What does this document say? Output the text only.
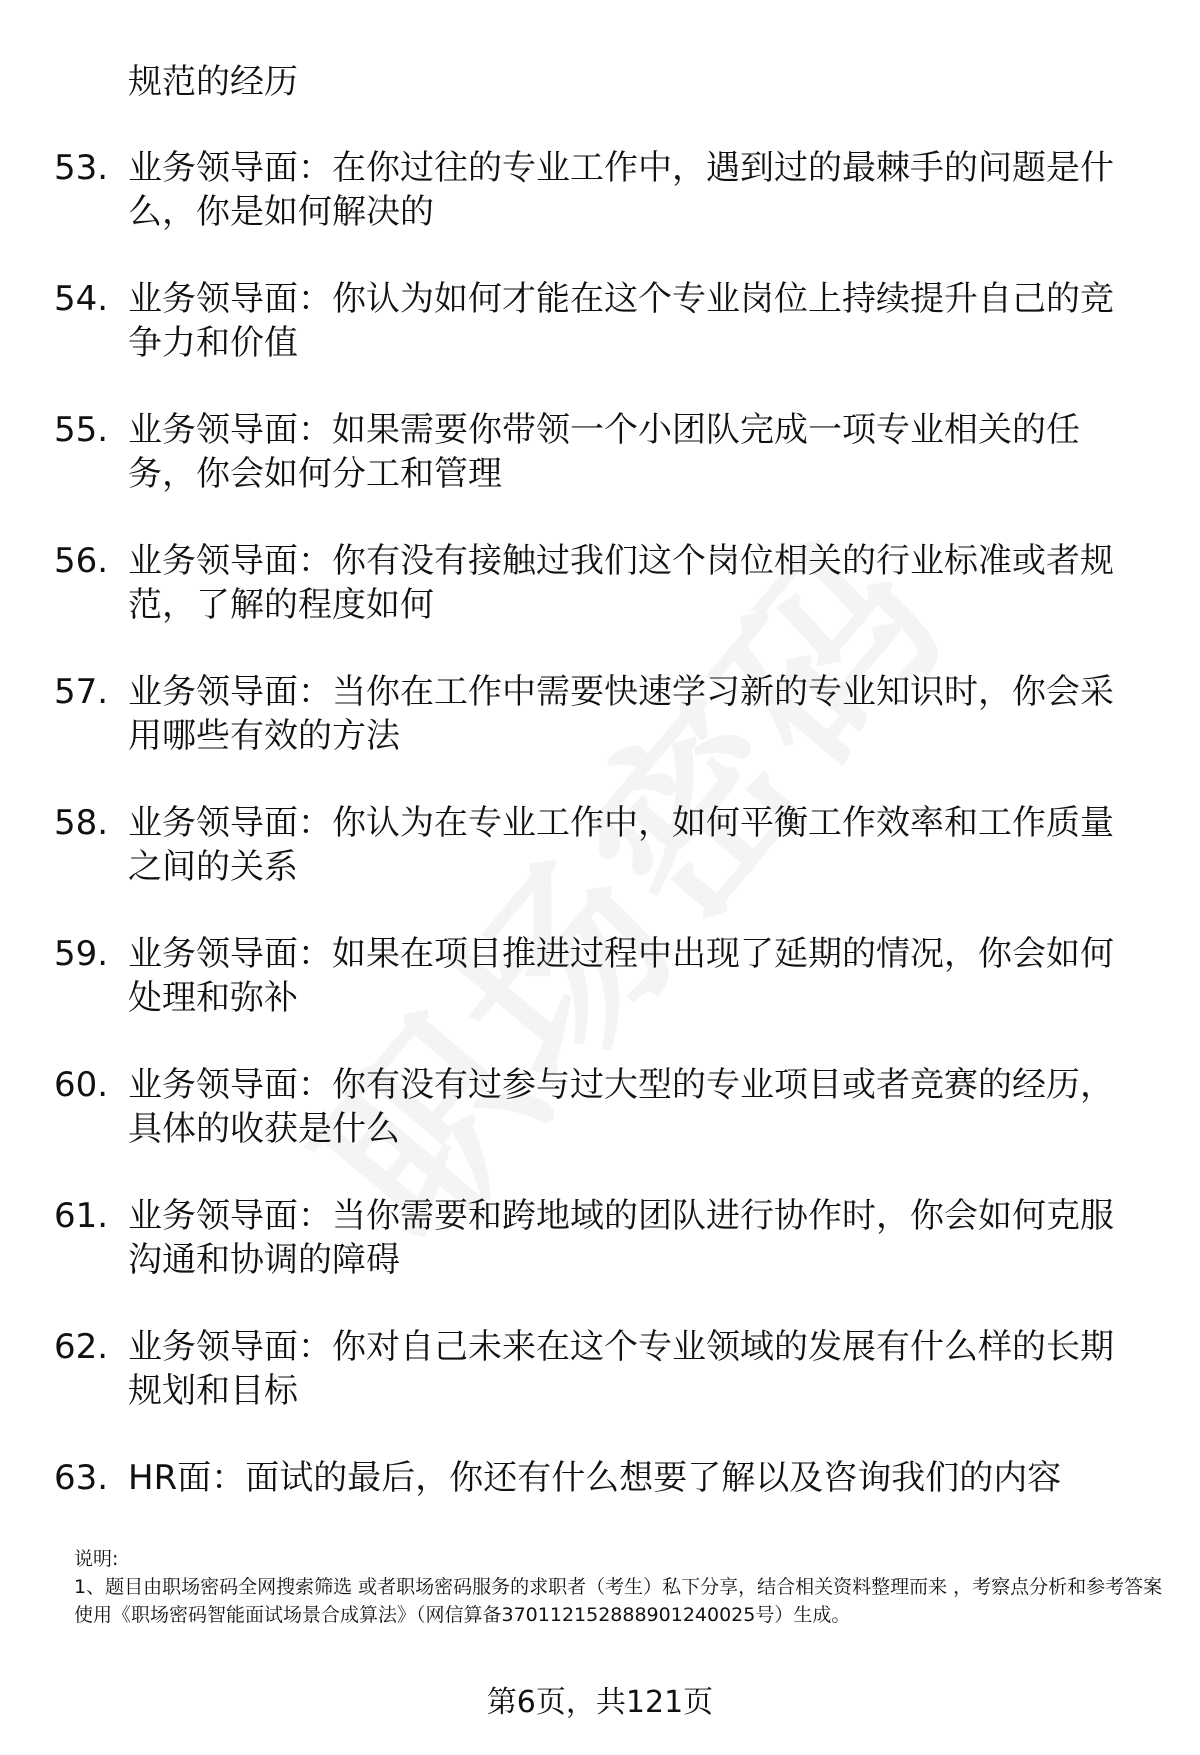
规范的经历
53. 业务领导面：在你过往的专业工作中，遇到过的最棘手的问题是什么，你是如何解决的
54. 业务领导面：你认为如何才能在这个专业岗位上持续提升自己的竞争力和价值
55. 业务领导面：如果需要你带领一个小团队完成一项专业相关的任务，你会如何分工和管理
56. 业务领导面：你有没有接触过我们这个岗位相关的行业标准或者规范，了解的程度如何
57. 业务领导面：当你在工作中需要快速学习新的专业知识时，你会采用哪些有效的方法
58. 业务领导面：你认为在专业工作中，如何平衡工作效率和工作质量之间的关系
59. 业务领导面：如果在项目推进过程中出现了延期的情况，你会如何处理和弥补
60. 业务领导面：你有没有过参与过大型的专业项目或者竞赛的经历，具体的收获是什么
61. 业务领导面：当你需要和跨地域的团队进行协作时，你会如何克服沟通和协调的障碍
62. 业务领导面：你对自己未来在这个专业领域的发展有什么样的长期规划和目标
63. HR面：面试的最后，你还有什么想要了解以及咨询我们的内容
说明:
1、题目由职场密码全网搜索筛选 或者职场密码服务的求职者（考生）私下分享，结合相关资料整理而来 ，考察点分析和参考答案使用《职场密码智能面试场景合成算法》（网信算备370112152888901240025号）生成。
第6页，共121页
